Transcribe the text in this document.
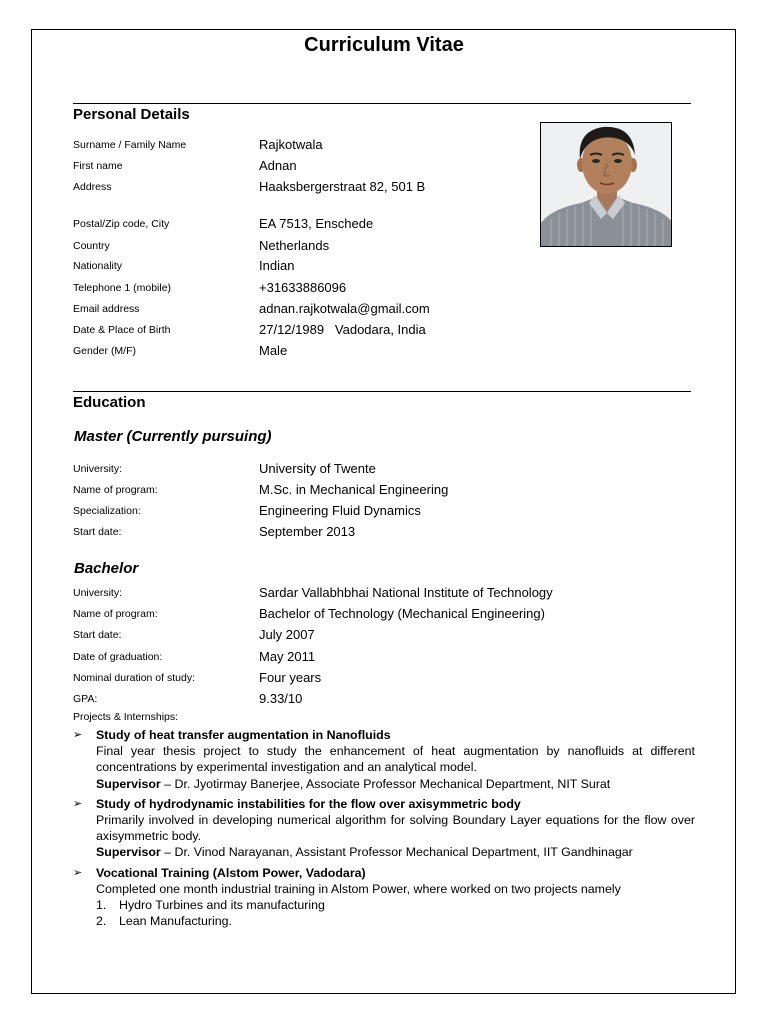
Curriculum Vitae
Personal Details
Surname / Family Name	Rajkotwala
First name	Adnan
Address	Haaksbergerstraat 82, 501 B
Postal/Zip code, City	EA 7513, Enschede
Country	Netherlands
Nationality	Indian
Telephone 1 (mobile)	+31633886096
Email address	adnan.rajkotwala@gmail.com
Date & Place of Birth	27/12/1989   Vadodara, India
Gender (M/F)	Male
Education
Master (Currently pursuing)
University:	University of Twente
Name of program:	M.Sc. in Mechanical Engineering
Specialization:	Engineering Fluid Dynamics
Start date:	September 2013
Bachelor
University:	Sardar Vallabhbhai National Institute of Technology
Name of program:	Bachelor of Technology (Mechanical Engineering)
Start date:	July 2007
Date of graduation:	May 2011
Nominal duration of study:	Four years
GPA:	9.33/10
Projects & Internships:
➢ Study of heat transfer augmentation in Nanofluids
Final year thesis project to study the enhancement of heat augmentation by nanofluids at different concentrations by experimental investigation and an analytical model.
Supervisor – Dr. Jyotirmay Banerjee, Associate Professor Mechanical Department, NIT Surat
➢ Study of hydrodynamic instabilities for the flow over axisymmetric body
Primarily involved in developing numerical algorithm for solving Boundary Layer equations for the flow over axisymmetric body.
Supervisor – Dr. Vinod Narayanan, Assistant Professor Mechanical Department, IIT Gandhinagar
➢ Vocational Training (Alstom Power, Vadodara)
Completed one month industrial training in Alstom Power, where worked on two projects namely
1. Hydro Turbines and its manufacturing
2. Lean Manufacturing.
